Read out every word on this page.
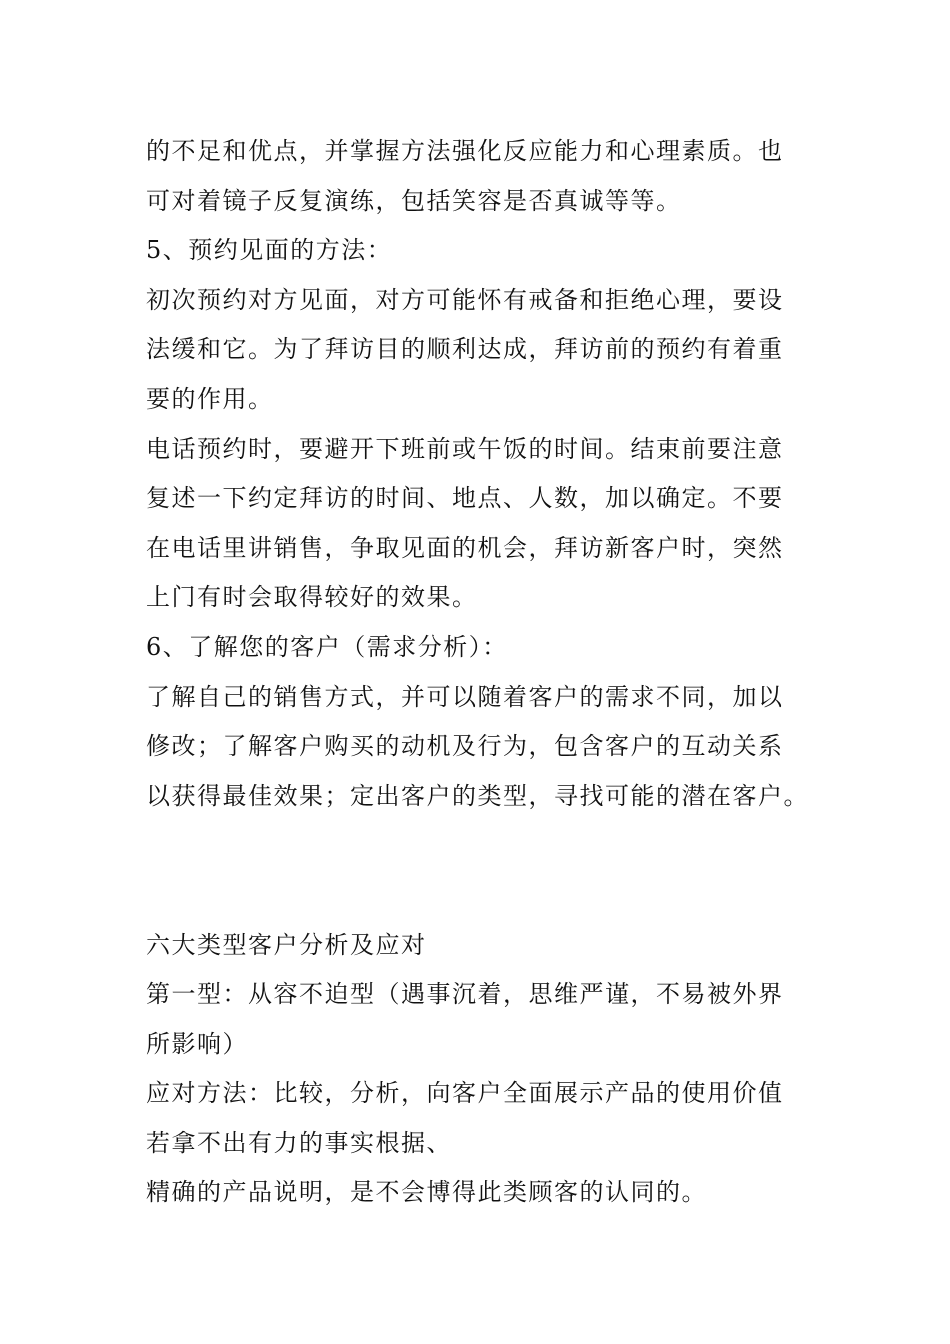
的不足和优点，并掌握方法强化反应能力和心理素质。也
可对着镜子反复演练，包括笑容是否真诚等等。
5、预约见面的方法：
初次预约对方见面，对方可能怀有戒备和拒绝心理，要设
法缓和它。为了拜访目的顺利达成，拜访前的预约有着重
要的作用。
电话预约时，要避开下班前或午饭的时间。结束前要注意
复述一下约定拜访的时间、地点、人数，加以确定。不要
在电话里讲销售，争取见面的机会，拜访新客户时，突然
上门有时会取得较好的效果。
6、了解您的客户（需求分析）：
了解自己的销售方式，并可以随着客户的需求不同，加以
修改；了解客户购买的动机及行为，包含客户的互动关系
以获得最佳效果；定出客户的类型，寻找可能的潜在客户。
六大类型客户分析及应对
第一型：从容不迫型（遇事沉着，思维严谨，不易被外界
所影响）
应对方法：比较，分析，向客户全面展示产品的使用价值
若拿不出有力的事实根据、
精确的产品说明，是不会博得此类顾客的认同的。
